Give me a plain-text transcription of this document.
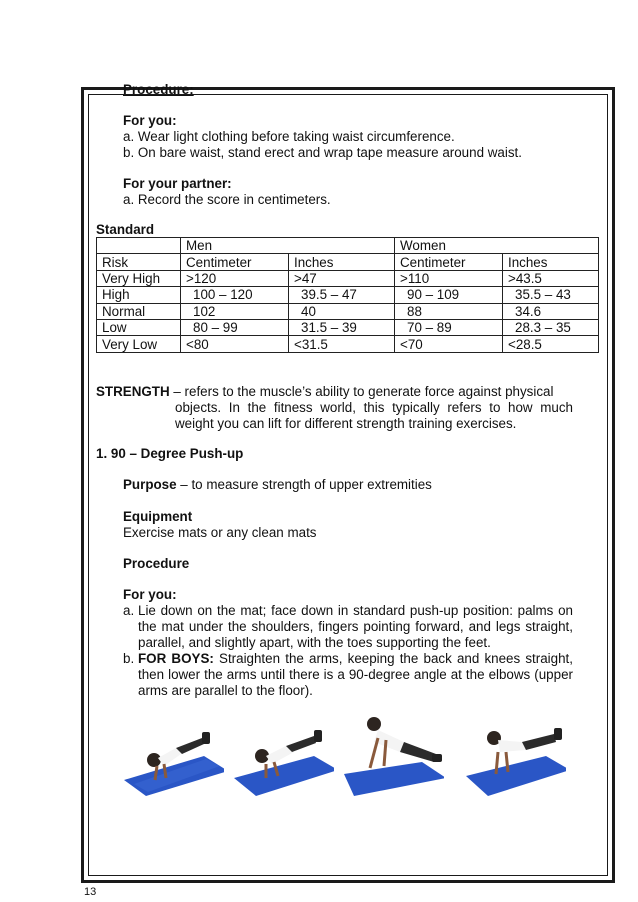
Procedure:
For you:
a. Wear light clothing before taking waist circumference.
b. On bare waist, stand erect and wrap tape measure around waist.
For your partner:
a. Record the score in centimeters.
Standard
	Men		Women	
Risk	Centimeter	Inches	Centimeter	Inches
Very High	>120	>47	>110	>43.5
High	100 – 120	39.5 – 47	90 – 109	35.5 – 43
Normal	102	40	88	34.6
Low	80 – 99	31.5 – 39	70 – 89	28.3 – 35
Very Low	<80	<31.5	<70	<28.5
STRENGTH – refers to the muscle’s ability to generate force against physical
objects. In the fitness world, this typically refers to how much weight you can lift for different strength training exercises.
1. 90 – Degree Push-up
Purpose – to measure strength of upper extremities
Equipment
Exercise mats or any clean mats
Procedure
For you:
a. Lie down on the mat; face down in standard push-up position: palms on the mat under the shoulders, fingers pointing forward, and legs straight, parallel, and slightly apart, with the toes supporting the feet.
b. FOR BOYS: Straighten the arms, keeping the back and knees straight, then lower the arms until there is a 90-degree angle at the elbows (upper arms are parallel to the floor).
13
